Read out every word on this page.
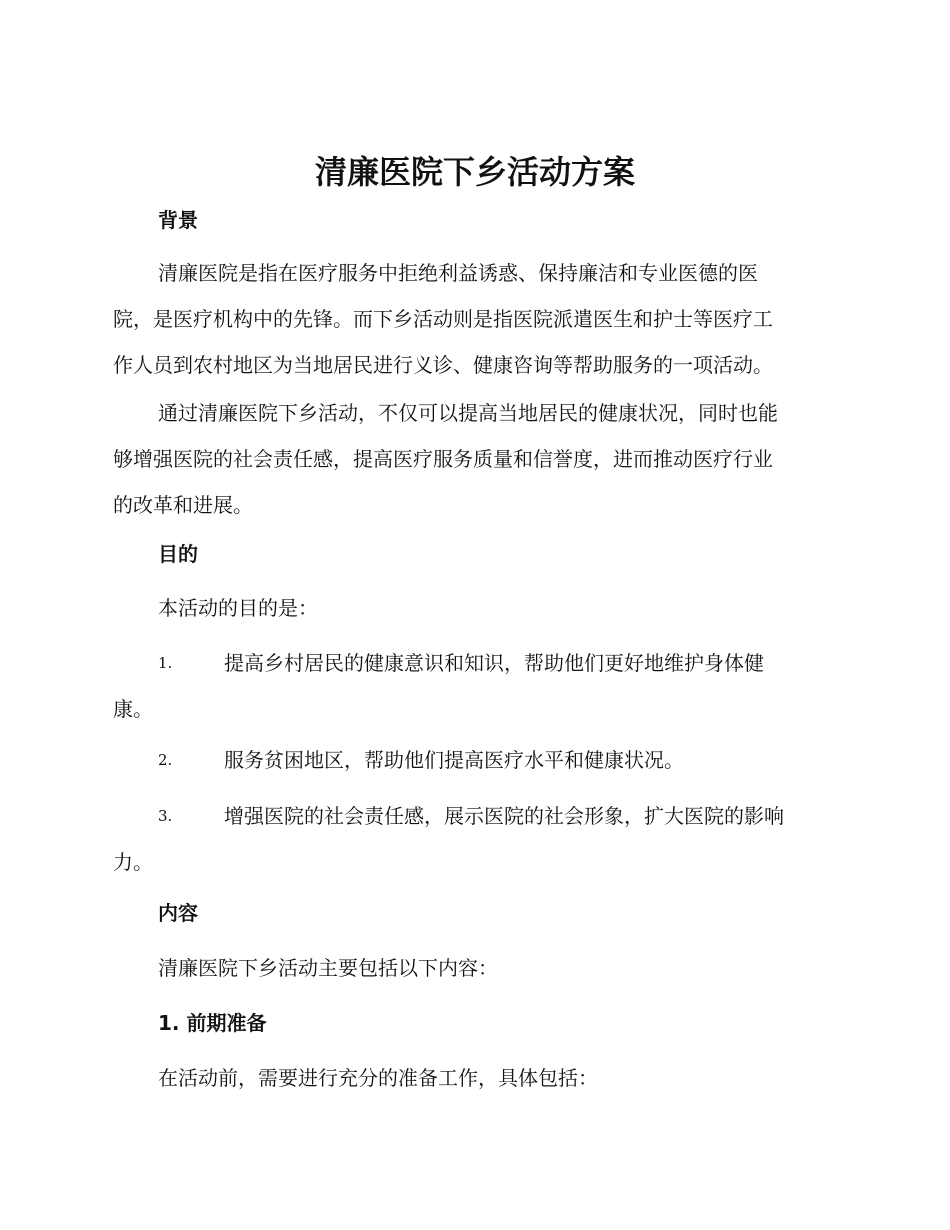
清廉医院下乡活动方案
背景
清廉医院是指在医疗服务中拒绝利益诱惑、保持廉洁和专业医德的医
院，是医疗机构中的先锋。而下乡活动则是指医院派遣医生和护士等医疗工
作人员到农村地区为当地居民进行义诊、健康咨询等帮助服务的一项活动。
通过清廉医院下乡活动，不仅可以提高当地居民的健康状况，同时也能
够增强医院的社会责任感，提高医疗服务质量和信誉度，进而推动医疗行业
的改革和进展。
目的
本活动的目的是：
1.	提高乡村居民的健康意识和知识，帮助他们更好地维护身体健
康。
2.	服务贫困地区，帮助他们提高医疗水平和健康状况。
3.	增强医院的社会责任感，展示医院的社会形象，扩大医院的影响
力。
内容
清廉医院下乡活动主要包括以下内容：
1. 前期准备
在活动前，需要进行充分的准备工作，具体包括：
